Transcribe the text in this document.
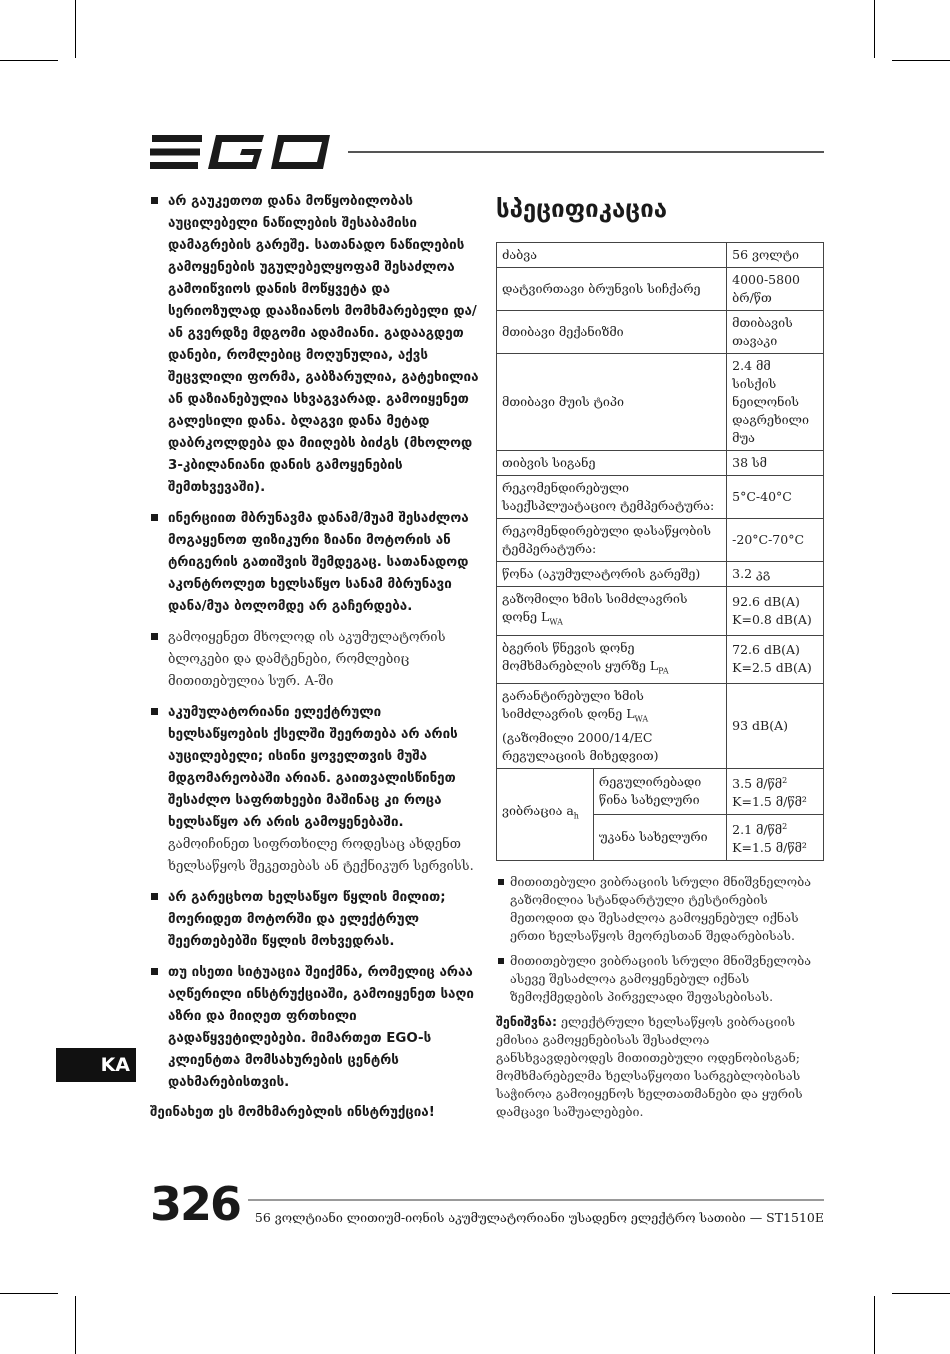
არ გაუკეთოთ დანა მოწყობილობას აუცილებელი ნაწილების შესაბამისი დამაგრების გარეშე. სათანადო ნაწილების გამოყენების უგულებელყოფამ შესაძლოა გამოიწვიოს დანის მოწყვეტა და სერიოზულად დააზიანოს მომხმარებელი და/ან გვერდზე მდგომი ადამიანი. გადააგდეთ დანები, რომლებიც მოღუნულია, აქვს შეცვლილი ფორმა, გაბზარულია, გატეხილია ან დაზიანებულია სხვაგვარად. გამოიყენეთ გალესილი დანა. ბლაგვი დანა მეტად დაბრკოლდება და მიიღებს ბიძგს (მხოლოდ 3-კბილანიანი დანის გამოყენების შემთხვევაში).
ინერციით მბრუნავმა დანამ/მუამ შესაძლოა მოგაყენოთ ფიზიკური ზიანი მოტორის ან ტრიგერის გათიშვის შემდეგაც. სათანადოდ აკონტროლეთ ხელსაწყო სანამ მბრუნავი დანა/მუა ბოლომდე არ გაჩერდება.
გამოიყენეთ მხოლოდ ის აკუმულატორის ბლოკები და დამტენები, რომლებიც მითითებულია სურ. A-ში
აკუმულატორიანი ელექტრული ხელსაწყოების ქსელში შეერთება არ არის აუცილებელი; ისინი ყოველთვის მუშა მდგომარეობაში არიან. გაითვალისწინეთ შესაძლო საფრთხეები მაშინაც კი როცა ხელსაწყო არ არის გამოყენებაში. გამოიჩინეთ სიფრთხილე როდესაც ახდენთ ხელსაწყოს შეკეთებას ან ტექნიკურ სერვისს.
არ გარეცხოთ ხელსაწყო წყლის მილით; მოერიდეთ მოტორში და ელექტრულ შეერთებებში წყლის მოხვედრას.
თუ ისეთი სიტუაცია შეიქმნა, რომელიც არაა აღწერილი ინსტრუქციაში, გამოიყენეთ საღი აზრი და მიიღეთ ფრთხილი გადაწყვეტილებები. მიმართეთ EGO-ს კლიენტთა მომსახურების ცენტრს დახმარებისთვის.
შეინახეთ ეს მომხმარებლის ინსტრუქცია!
KA
სპეციფიკაცია
ძაბვა		56 ვოლტი
დატვირთავი ბრუნვის სიჩქარე		4000-5800 ბრ/წთ
მთიბავი მექანიზმი		მთიბავის თავაკი
მთიბავი მუის ტიპი		2.4 მმ სისქის ნეილონის დაგრეხილი მუა
თიბვის სიგანე		38 სმ
რეკომენდირებული საექსპლუატაციო ტემპერატურა:		5°C-40°C
რეკომენდირებული დასაწყობის ტემპერატურა:		-20°C-70°C
წონა (აკუმულატორის გარეშე)		3.2 კგ
გაზომილი ხმის სიმძლავრის დონე $L_{WA}$		92.6 dB(A)
K=0.8 dB(A)
ბგერის წნევის დონე მომხმარებლის ყურზე $L_{PA}$		72.6 dB(A)
K=2.5 dB(A)
გარანტირებული ხმის სიმძლავრის დონე $L_{WA}$
(გაზომილი 2000/14/EC რეგულაციის მიხედვით)		93 dB(A)
ვიბრაცია $a_h$	რეგულირებადი წინა სახელური	3.5 მ/წმ$^2$
K=1.5 მ/წმ²
	უკანა სახელური	2.1 მ/წმ$^2$
K=1.5 მ/წმ²
მითითებული ვიბრაციის სრული მნიშვნელობა გაზომილია სტანდარტული ტესტირების მეთოდით და შესაძლოა გამოყენებულ იქნას ერთი ხელსაწყოს მეორესთან შედარებისას.
მითითებული ვიბრაციის სრული მნიშვნელობა ასევე შესაძლოა გამოყენებულ იქნას ზემოქმედების პირველადი შეფასებისას.
შენიშვნა: ელექტრული ხელსაწყოს ვიბრაციის ემისია გამოყენებისას შესაძლოა განსხვავდებოდეს მითითებული ოდენობისგან; მომხმარებელმა ხელსაწყოთი სარგებლობისას საჭიროა გამოიყენოს ხელთათმანები და ყურის დამცავი საშუალებები.
326	56 ვოლტიანი ლითიუმ-იონის აკუმულატორიანი უსადენო ელექტრო სათიბი — ST1510E
